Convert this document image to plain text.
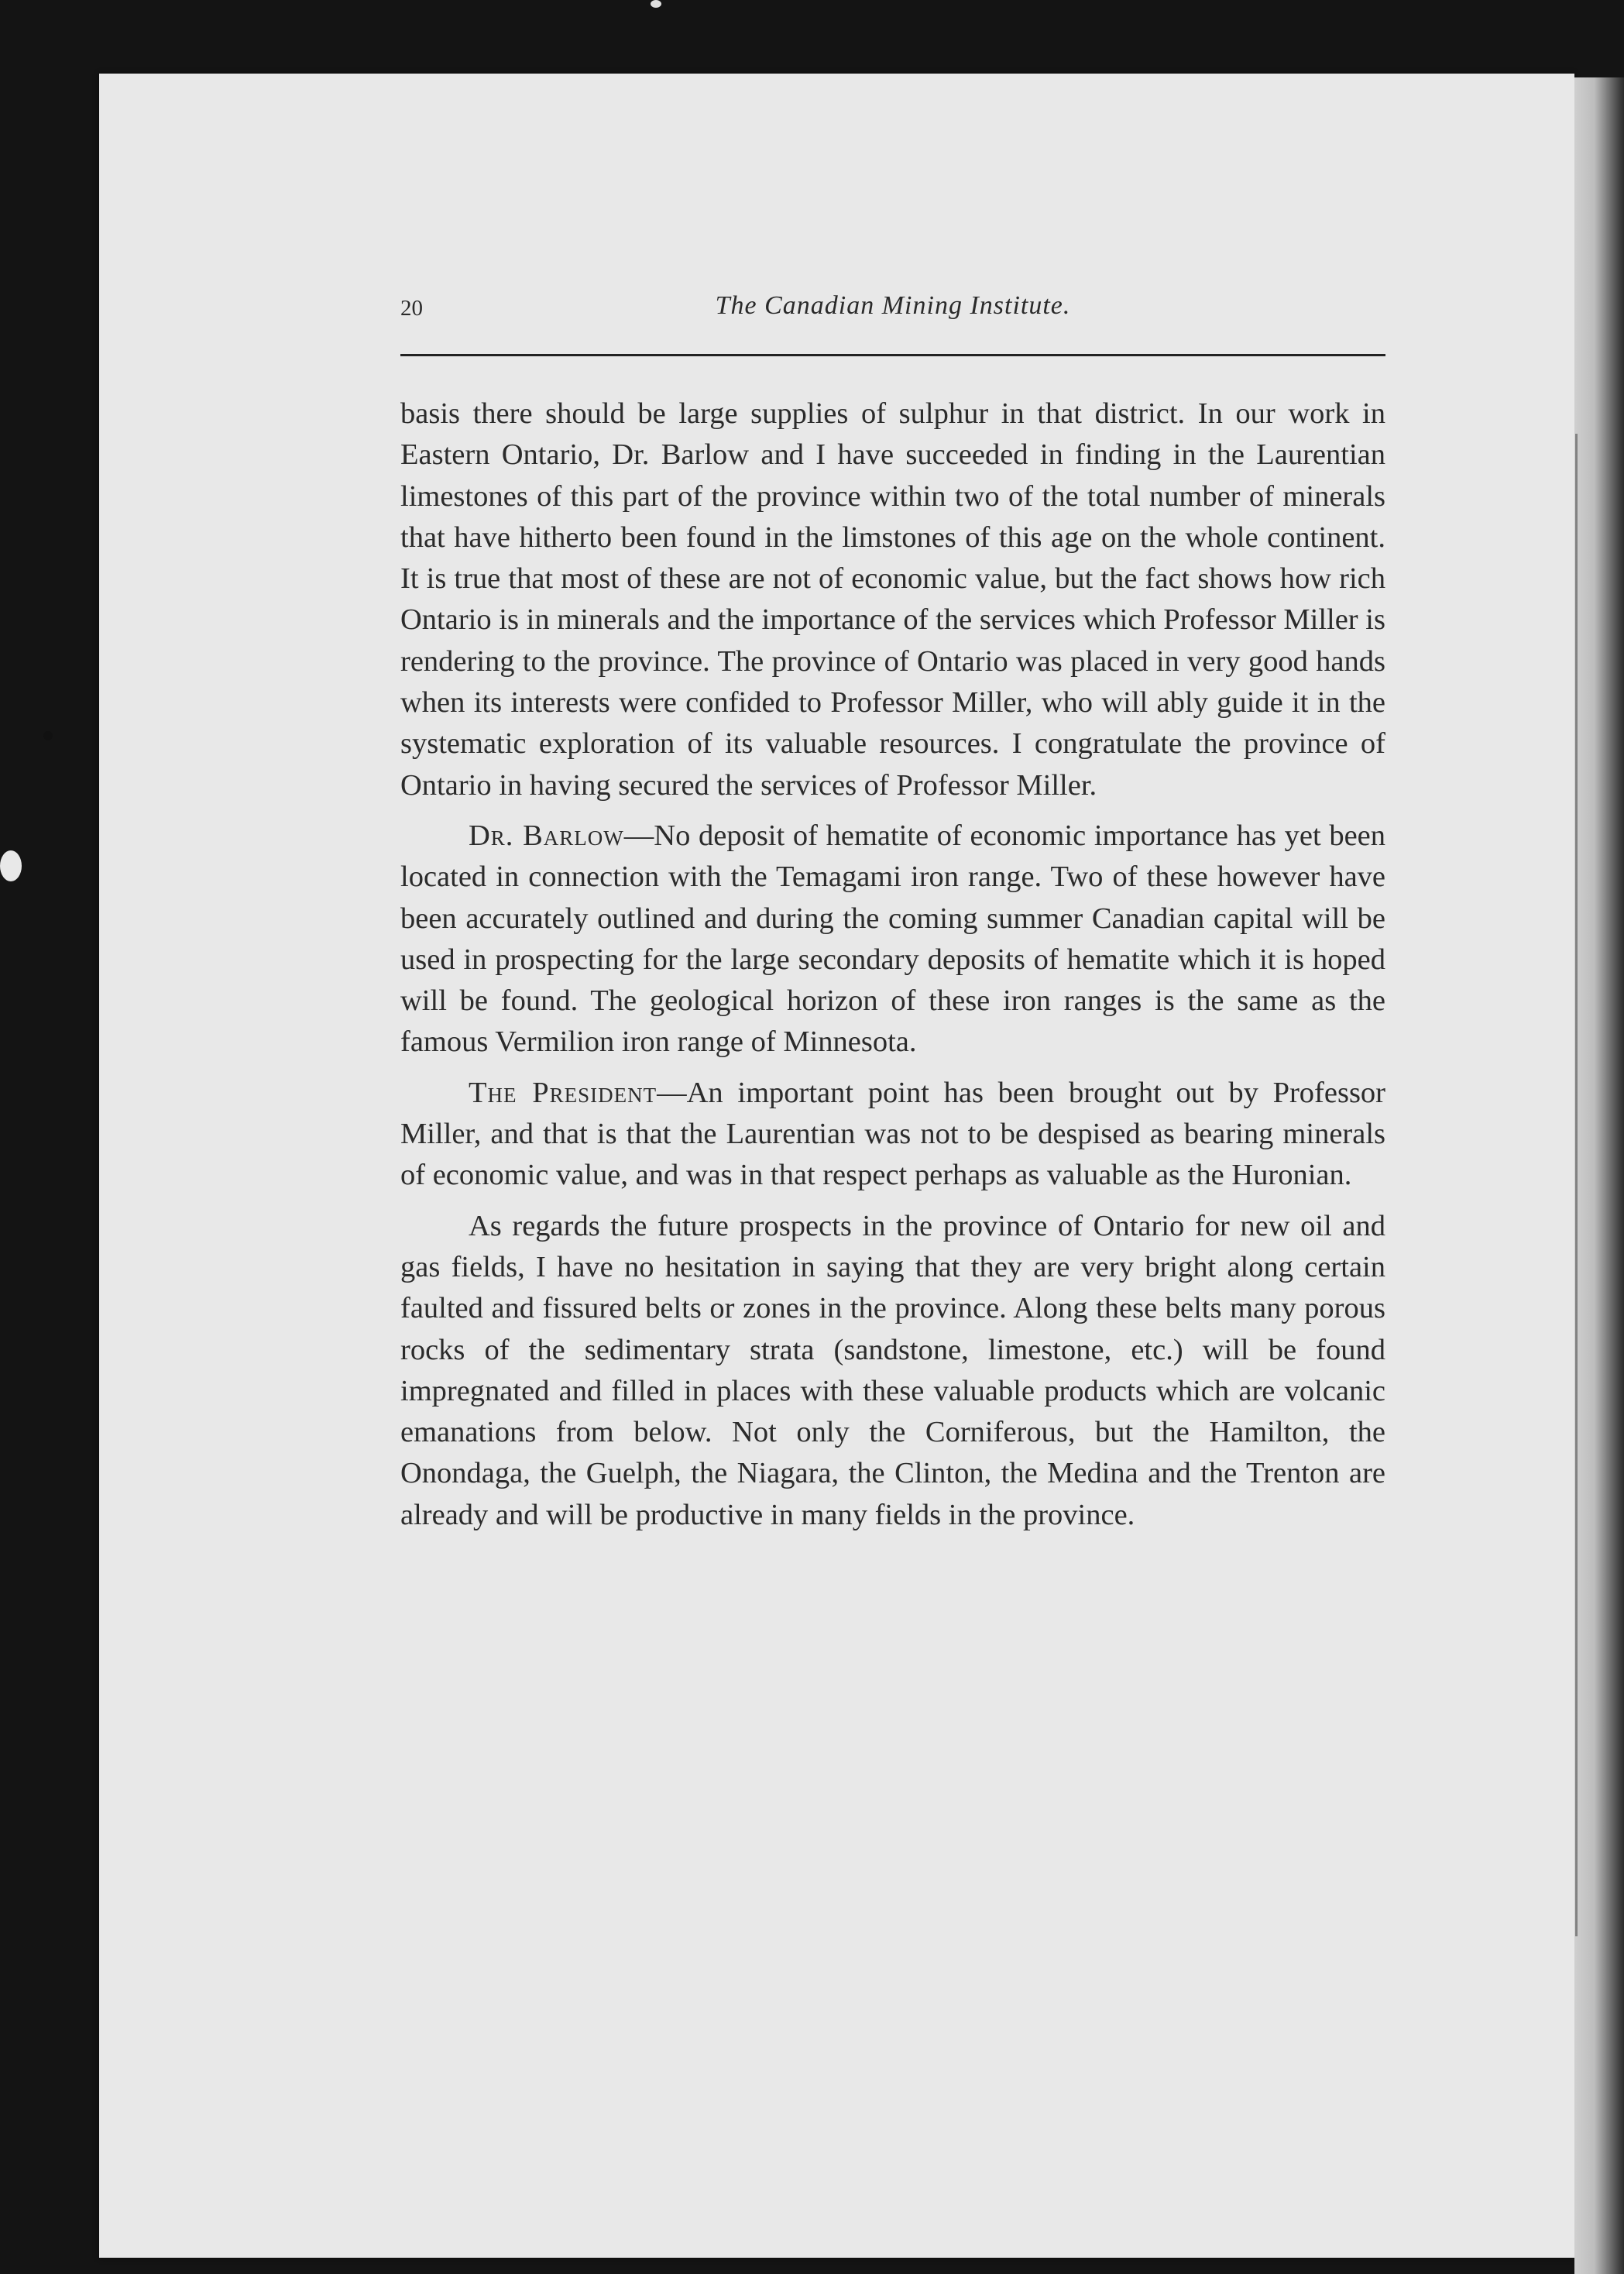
20	The Canadian Mining Institute.

basis there should be large supplies of sulphur in that district. In our work in Eastern Ontario, Dr. Barlow and I have succeeded in finding in the Laurentian limestones of this part of the province within two of the total number of minerals that have hitherto been found in the limstones of this age on the whole continent. It is true that most of these are not of economic value, but the fact shows how rich Ontario is in minerals and the importance of the services which Professor Miller is rendering to the province. The province of Ontario was placed in very good hands when its interests were confided to Professor Miller, who will ably guide it in the systematic exploration of its valuable resources. I congratulate the province of Ontario in having secured the services of Professor Miller.

Dr. Barlow—No deposit of hematite of economic importance has yet been located in connection with the Temagami iron range. Two of these however have been accurately outlined and during the coming summer Canadian capital will be used in prospecting for the large secondary deposits of hematite which it is hoped will be found. The geological horizon of these iron ranges is the same as the famous Vermilion iron range of Minnesota.

The President—An important point has been brought out by Professor Miller, and that is that the Laurentian was not to be despised as bearing minerals of economic value, and was in that respect perhaps as valuable as the Huronian.

As regards the future prospects in the province of Ontario for new oil and gas fields, I have no hesitation in saying that they are very bright along certain faulted and fissured belts or zones in the province. Along these belts many porous rocks of the sedimentary strata (sandstone, limestone, etc.) will be found impregnated and filled in places with these valuable products which are volcanic emanations from below. Not only the Corniferous, but the Hamilton, the Onondaga, the Guelph, the Niagara, the Clinton, the Medina and the Trenton are already and will be productive in many fields in the province.
